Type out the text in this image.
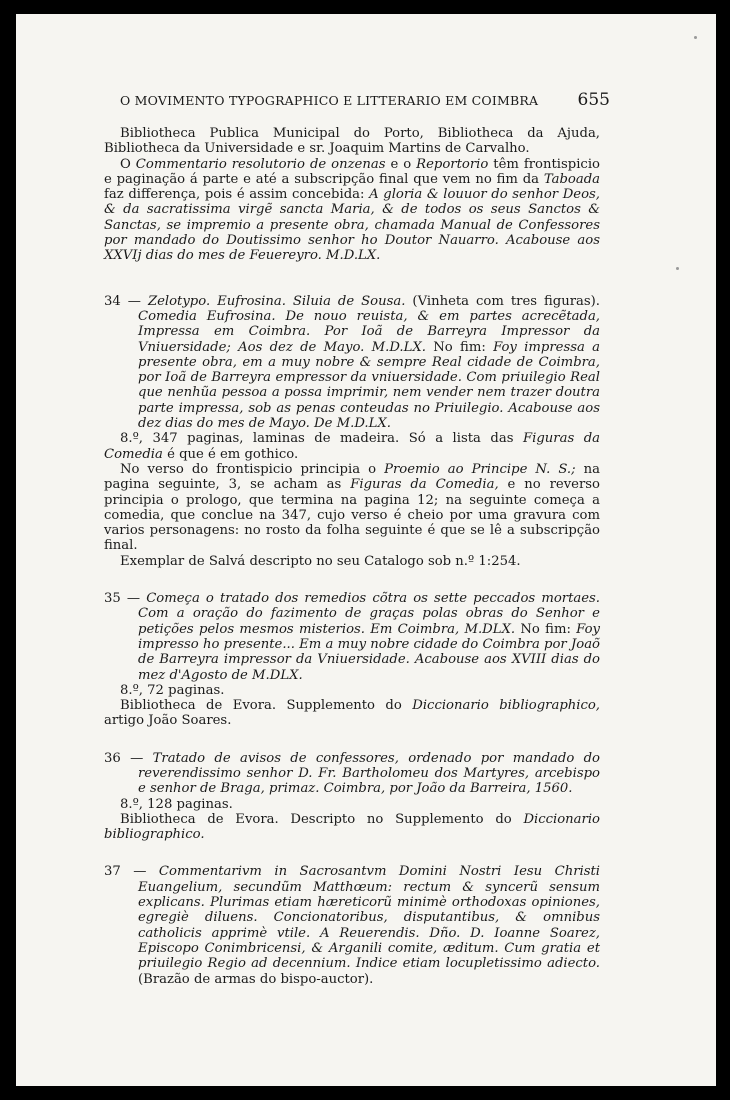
O MOVIMENTO TYPOGRAPHICO E LITTERARIO EM COIMBRA 655

Bibliotheca Publica Municipal do Porto, Bibliotheca da Ajuda, Bibliotheca da Universidade e sr. Joaquim Martins de Carvalho.

O Commentario resolutorio de onzenas e o Reportorio têm frontispicio e paginação á parte e até a subscripção final que vem no fim da Taboada faz differença, pois é assim concebida: A gloria & louuor do senhor Deos, & da sacratissima virgẽ sancta Maria, & de todos os seus Sanctos & Sanctas, se impremio a presente obra, chamada Manual de Confessores por mandado do Doutissimo senhor ho Doutor Nauarro. Acabouse aos XXVIj dias do mes de Feuereyro. M.D.LX.

34 — Zelotypo. Eufrosina. Siluia de Sousa. (Vinheta com tres figuras). Comedia Eufrosina. De nouo reuista, & em partes acrecẽtada, Impressa em Coimbra. Por Ioã de Barreyra Impressor da Vniuersidade; Aos dez de Mayo. M.D.LX. No fim: Foy impressa a presente obra, em a muy nobre & sempre Real cidade de Coimbra, por Ioã de Barreyra empressor da vniuersidade. Com priuilegio Real que nenhũa pessoa a possa imprimir, nem vender nem trazer doutra parte impressa, sob as penas conteudas no Priuilegio. Acabouse aos dez dias do mes de Mayo. De M.D.LX.

8.º, 347 paginas, laminas de madeira. Só a lista das Figuras da Comedia é que é em gothico.

No verso do frontispicio principia o Proemio ao Principe N. S.; na pagina seguinte, 3, se acham as Figuras da Comedia, e no reverso principia o prologo, que termina na pagina 12; na seguinte começa a comedia, que conclue na 347, cujo verso é cheio por uma gravura com varios personagens: no rosto da folha seguinte é que se lê a subscripção final.

Exemplar de Salvá descripto no seu Catalogo sob n.º 1:254.

35 — Começa o tratado dos remedios cõtra os sette peccados mortaes. Com a oração do fazimento de graças polas obras do Senhor e petições pelos mesmos misterios. Em Coimbra, M.DLX. No fim: Foy impresso ho presente... Em a muy nobre cidade do Coimbra por Joaõ de Barreyra impressor da Vniuersidade. Acabouse aos XVIII dias do mez d'Agosto de M.DLX.

8.º, 72 paginas.

Bibliotheca de Evora. Supplemento do Diccionario bibliographico, artigo João Soares.

36 — Tratado de avisos de confessores, ordenado por mandado do reverendissimo senhor D. Fr. Bartholomeu dos Martyres, arcebispo e senhor de Braga, primaz. Coimbra, por João da Barreira, 1560.

8.º, 128 paginas.

Bibliotheca de Evora. Descripto no Supplemento do Diccionario bibliographico.

37 — Commentarivm in Sacrosantvm Domini Nostri Iesu Christi Euangelium, secundũm Matthœum: rectum & syncerũ sensum explicans. Plurimas etiam hæreticorũ minimè orthodoxas opiniones, egregiè diluens. Concionatoribus, disputantibus, & omnibus catholicis apprimè vtile. A Reuerendis. Dño. D. Ioanne Soarez, Episcopo Conimbricensi, & Arganili comite, æditum. Cum gratia et priuilegio Regio ad decennium. Indice etiam locupletissimo adiecto. (Brazão de armas do bispo-auctor).
